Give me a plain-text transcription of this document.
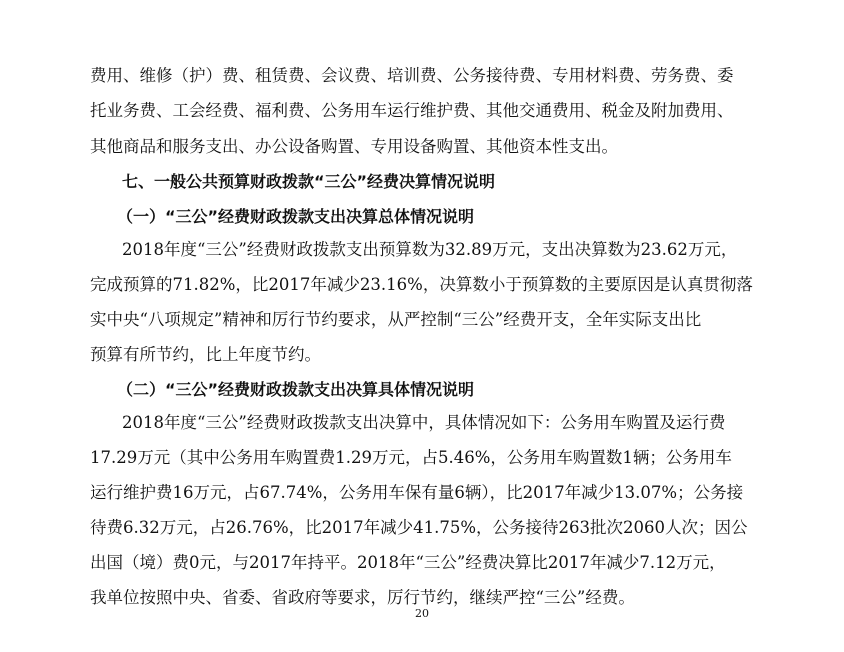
费用、维修（护）费、租赁费、会议费、培训费、公务接待费、专用材料费、劳务费、委
托业务费、工会经费、福利费、公务用车运行维护费、其他交通费用、税金及附加费用、
其他商品和服务支出、办公设备购置、专用设备购置、其他资本性支出。
七、一般公共预算财政拨款“三公”经费决算情况说明
（一）“三公”经费财政拨款支出决算总体情况说明
2018年度“三公”经费财政拨款支出预算数为32.89万元，支出决算数为23.62万元，
完成预算的71.82%，比2017年减少23.16%，决算数小于预算数的主要原因是认真贯彻落
实中央“八项规定”精神和厉行节约要求，从严控制“三公”经费开支，全年实际支出比
预算有所节约，比上年度节约。
（二）“三公”经费财政拨款支出决算具体情况说明
2018年度“三公”经费财政拨款支出决算中，具体情况如下：公务用车购置及运行费
17.29万元（其中公务用车购置费1.29万元，占5.46%，公务用车购置数1辆；公务用车
运行维护费16万元，占67.74%，公务用车保有量6辆），比2017年减少13.07%；公务接
待费6.32万元，占26.76%，比2017年减少41.75%，公务接待263批次2060人次；因公
出国（境）费0元，与2017年持平。2018年“三公”经费决算比2017年减少7.12万元，
我单位按照中央、省委、省政府等要求，厉行节约，继续严控“三公”经费。
20
